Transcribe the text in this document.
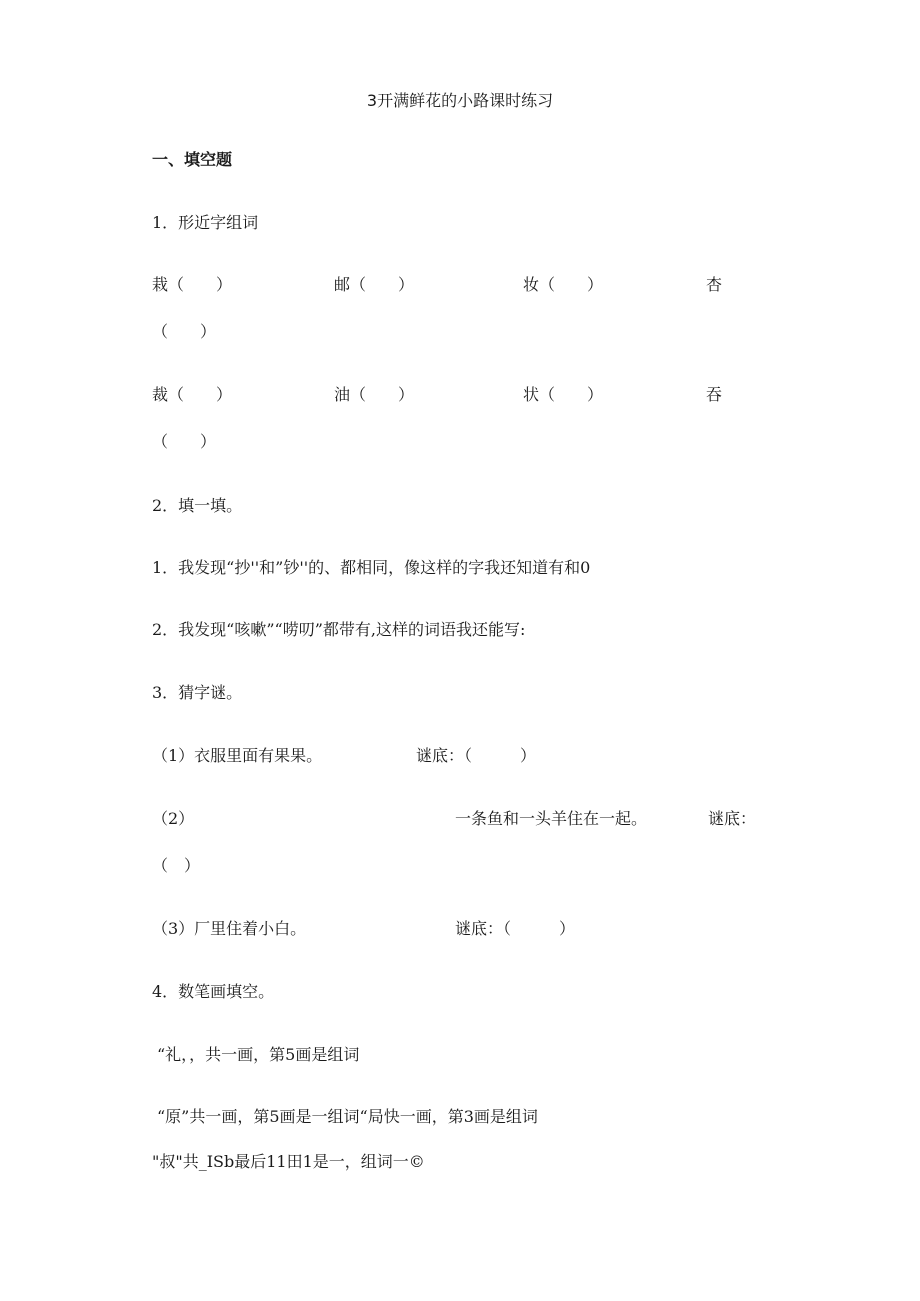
3开满鲜花的小路课时练习
一、填空题
1．形近字组词
栽（　　）	邮（　　）	妆（　　）	杏
（　　）
裁（　　）	油（　　）	状（　　）	吞
（　　）
2．填一填。
1．我发现“抄''和”钞''的、都相同，像这样的字我还知道有和0
2．我发现“咳嗽”“唠叨”都带有,这样的词语我还能写:
3．猜字谜。
（1）衣服里面有果果。	谜底：（　　　）
（2）	一条鱼和一头羊住在一起。	谜底：
（　）
（3）厂里住着小白。	谜底：（　　　）
4．数笔画填空。
“礼，，共一画，第5画是组词
“原”共一画，第5画是一组词“局快一画，第3画是组词
"叔"共_ISb最后11田1是一，组词一©
